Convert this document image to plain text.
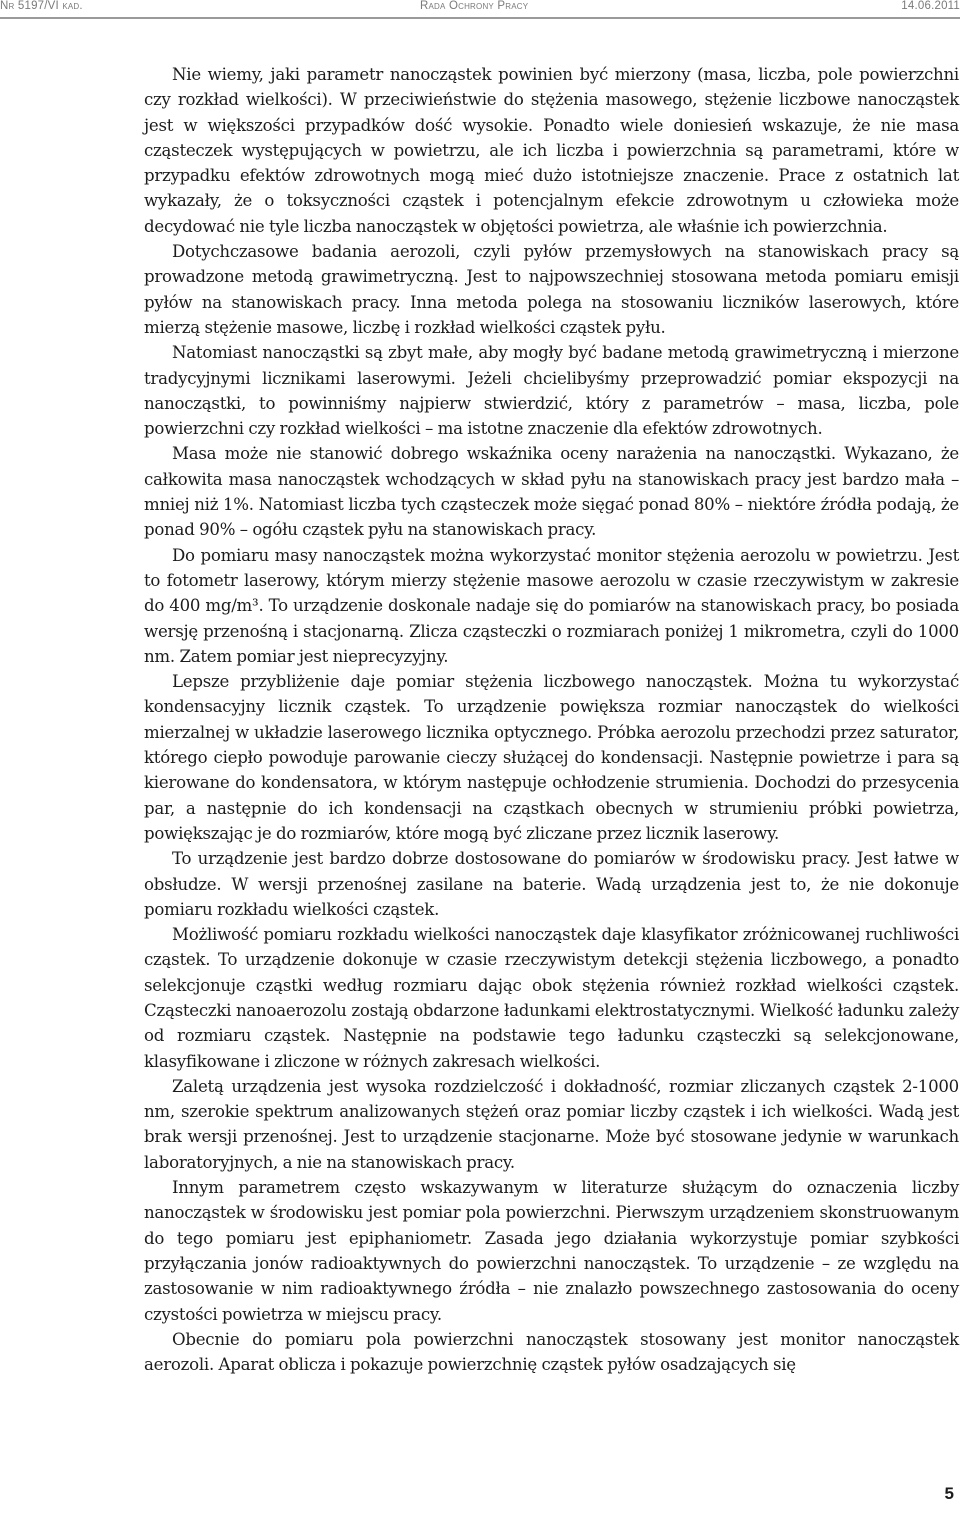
Nr 5197/VI kad.	Rada Ochrony Pracy	14.06.2011

Nie wiemy, jaki parametr nanocząstek powinien być mierzony (masa, liczba, pole powierzchni czy rozkład wielkości). W przeciwieństwie do stężenia masowego, stężenie liczbowe nanocząstek jest w większości przypadków dość wysokie. Ponadto wiele doniesień wskazuje, że nie masa cząsteczek występujących w powietrzu, ale ich liczba i powierzchnia są parametrami, które w przypadku efektów zdrowotnych mogą mieć dużo istotniejsze znaczenie. Prace z ostatnich lat wykazały, że o toksyczności cząstek i potencjalnym efekcie zdrowotnym u człowieka może decydować nie tyle liczba nanocząstek w objętości powietrza, ale właśnie ich powierzchnia.

Dotychczasowe badania aerozoli, czyli pyłów przemysłowych na stanowiskach pracy są prowadzone metodą grawimetryczną. Jest to najpowszechniej stosowana metoda pomiaru emisji pyłów na stanowiskach pracy. Inna metoda polega na stosowaniu liczników laserowych, które mierzą stężenie masowe, liczbę i rozkład wielkości cząstek pyłu.

Natomiast nanocząstki są zbyt małe, aby mogły być badane metodą grawimetryczną i mierzone tradycyjnymi licznikami laserowymi. Jeżeli chcielibyśmy przeprowadzić pomiar ekspozycji na nanocząstki, to powinniśmy najpierw stwierdzić, który z parametrów – masa, liczba, pole powierzchni czy rozkład wielkości – ma istotne znaczenie dla efektów zdrowotnych.

Masa może nie stanowić dobrego wskaźnika oceny narażenia na nanocząstki. Wykazano, że całkowita masa nanocząstek wchodzących w skład pyłu na stanowiskach pracy jest bardzo mała – mniej niż 1%. Natomiast liczba tych cząsteczek może sięgać ponad 80% – niektóre źródła podają, że ponad 90% – ogółu cząstek pyłu na stanowiskach pracy.

Do pomiaru masy nanocząstek można wykorzystać monitor stężenia aerozolu w powietrzu. Jest to fotometr laserowy, którym mierzy stężenie masowe aerozolu w czasie rzeczywistym w zakresie do 400 mg/m³. To urządzenie doskonale nadaje się do pomiarów na stanowiskach pracy, bo posiada wersję przenośną i stacjonarną. Zlicza cząsteczki o rozmiarach poniżej 1 mikrometra, czyli do 1000 nm. Zatem pomiar jest nieprecyzyjny.

Lepsze przybliżenie daje pomiar stężenia liczbowego nanocząstek. Można tu wykorzystać kondensacyjny licznik cząstek. To urządzenie powiększa rozmiar nanocząstek do wielkości mierzalnej w układzie laserowego licznika optycznego. Próbka aerozolu przechodzi przez saturator, którego ciepło powoduje parowanie cieczy służącej do kondensacji. Następnie powietrze i para są kierowane do kondensatora, w którym następuje ochłodzenie strumienia. Dochodzi do przesycenia par, a następnie do ich kondensacji na cząstkach obecnych w strumieniu próbki powietrza, powiększając je do rozmiarów, które mogą być zliczane przez licznik laserowy.

To urządzenie jest bardzo dobrze dostosowane do pomiarów w środowisku pracy. Jest łatwe w obsłudze. W wersji przenośnej zasilane na baterie. Wadą urządzenia jest to, że nie dokonuje pomiaru rozkładu wielkości cząstek.

Możliwość pomiaru rozkładu wielkości nanocząstek daje klasyfikator zróżnicowanej ruchliwości cząstek. To urządzenie dokonuje w czasie rzeczywistym detekcji stężenia liczbowego, a ponadto selekcjonuje cząstki według rozmiaru dając obok stężenia również rozkład wielkości cząstek. Cząsteczki nanoaerozolu zostają obdarzone ładunkami elektrostatycznymi. Wielkość ładunku zależy od rozmiaru cząstek. Następnie na podstawie tego ładunku cząsteczki są selekcjonowane, klasyfikowane i zliczone w różnych zakresach wielkości.

Zaletą urządzenia jest wysoka rozdzielczość i dokładność, rozmiar zliczanych cząstek 2-1000 nm, szerokie spektrum analizowanych stężeń oraz pomiar liczby cząstek i ich wielkości. Wadą jest brak wersji przenośnej. Jest to urządzenie stacjonarne. Może być stosowane jedynie w warunkach laboratoryjnych, a nie na stanowiskach pracy.

Innym parametrem często wskazywanym w literaturze służącym do oznaczenia liczby nanocząstek w środowisku jest pomiar pola powierzchni. Pierwszym urządzeniem skonstruowanym do tego pomiaru jest epiphaniometr. Zasada jego działania wykorzystuje pomiar szybkości przyłączania jonów radioaktywnych do powierzchni nanocząstek. To urządzenie – ze względu na zastosowanie w nim radioaktywnego źródła – nie znalazło powszechnego zastosowania do oceny czystości powietrza w miejscu pracy.

Obecnie do pomiaru pola powierzchni nanocząstek stosowany jest monitor nanocząstek aerozoli. Aparat oblicza i pokazuje powierzchnię cząstek pyłów osadzających się

5
